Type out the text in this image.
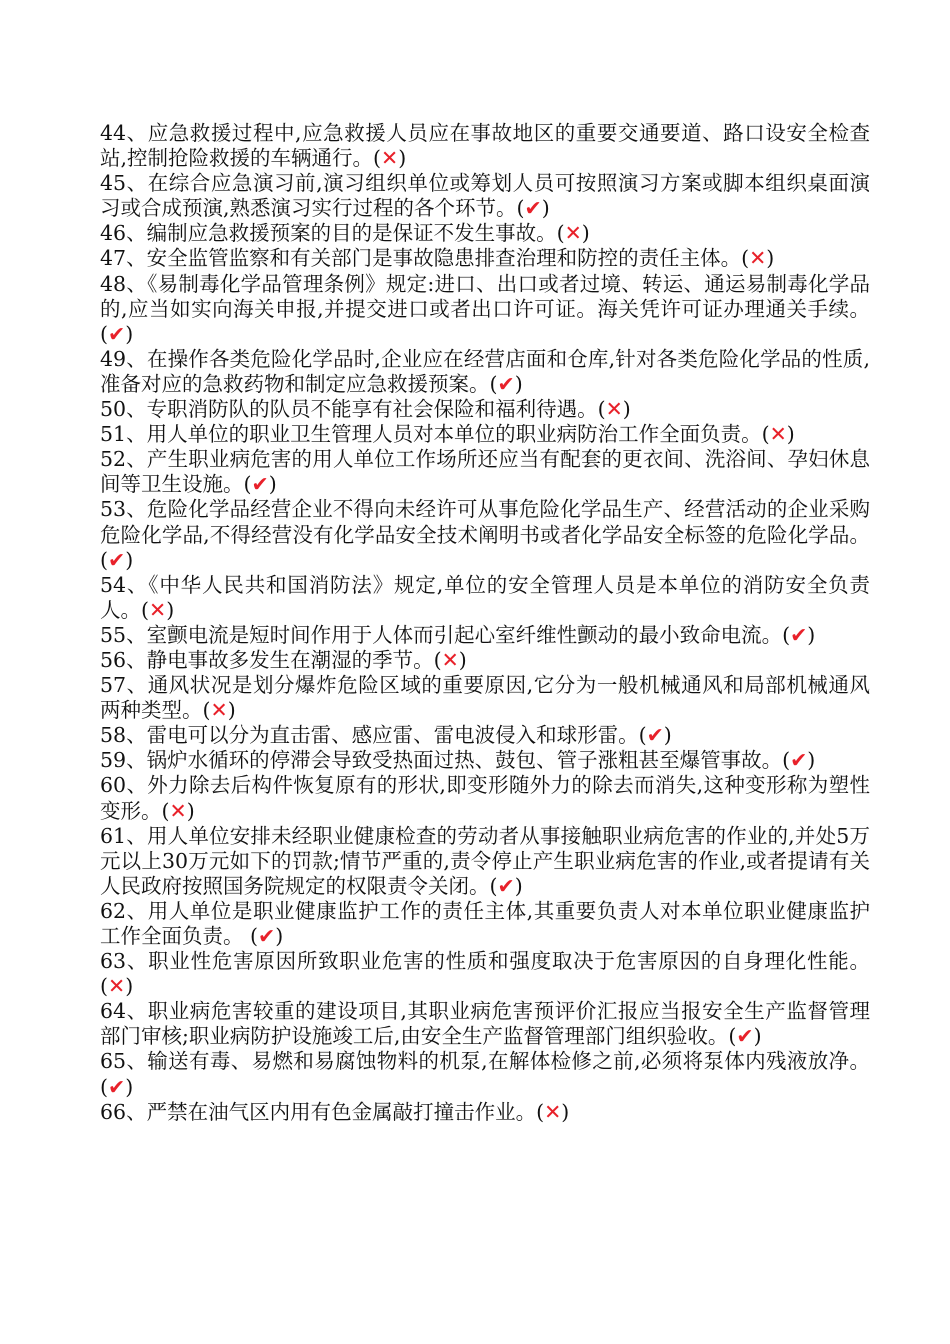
44、应急救援过程中,应急救援人员应在事故地区的重要交通要道、路口设安全检查站,控制抢险救援的车辆通行。(✕)

45、在综合应急演习前,演习组织单位或筹划人员可按照演习方案或脚本组织桌面演习或合成预演,熟悉演习实行过程的各个环节。(✔)

46、编制应急救援预案的目的是保证不发生事故。(✕)

47、安全监管监察和有关部门是事故隐患排查治理和防控的责任主体。(✕)

48、《易制毒化学品管理条例》规定:进口、出口或者过境、转运、通运易制毒化学品的,应当如实向海关申报,并提交进口或者出口许可证。海关凭许可证办理通关手续。(✔)

49、在操作各类危险化学品时,企业应在经营店面和仓库,针对各类危险化学品的性质,准备对应的急救药物和制定应急救援预案。(✔)

50、专职消防队的队员不能享有社会保险和福利待遇。(✕)

51、用人单位的职业卫生管理人员对本单位的职业病防治工作全面负责。(✕)

52、产生职业病危害的用人单位工作场所还应当有配套的更衣间、洗浴间、孕妇休息间等卫生设施。(✔)

53、危险化学品经营企业不得向未经许可从事危险化学品生产、经营活动的企业采购危险化学品,不得经营没有化学品安全技术阐明书或者化学品安全标签的危险化学品。(✔)

54、《中华人民共和国消防法》规定,单位的安全管理人员是本单位的消防安全负责人。(✕)

55、室颤电流是短时间作用于人体而引起心室纤维性颤动的最小致命电流。(✔)

56、静电事故多发生在潮湿的季节。(✕)

57、通风状况是划分爆炸危险区域的重要原因,它分为一般机械通风和局部机械通风两种类型。(✕)

58、雷电可以分为直击雷、感应雷、雷电波侵入和球形雷。(✔)

59、锅炉水循环的停滞会导致受热面过热、鼓包、管子涨粗甚至爆管事故。(✔)

60、外力除去后构件恢复原有的形状,即变形随外力的除去而消失,这种变形称为塑性变形。(✕)

61、用人单位安排未经职业健康检查的劳动者从事接触职业病危害的作业的,并处5万元以上30万元如下的罚款;情节严重的,责令停止产生职业病危害的作业,或者提请有关人民政府按照国务院规定的权限责令关闭。(✔)

62、用人单位是职业健康监护工作的责任主体,其重要负责人对本单位职业健康监护工作全面负责。 (✔)

63、职业性危害原因所致职业危害的性质和强度取决于危害原因的自身理化性能。(✕)

64、职业病危害较重的建设项目,其职业病危害预评价汇报应当报安全生产监督管理部门审核;职业病防护设施竣工后,由安全生产监督管理部门组织验收。(✔)

65、输送有毒、易燃和易腐蚀物料的机泵,在解体检修之前,必须将泵体内残液放净。(✔)

66、严禁在油气区内用有色金属敲打撞击作业。(✕)
